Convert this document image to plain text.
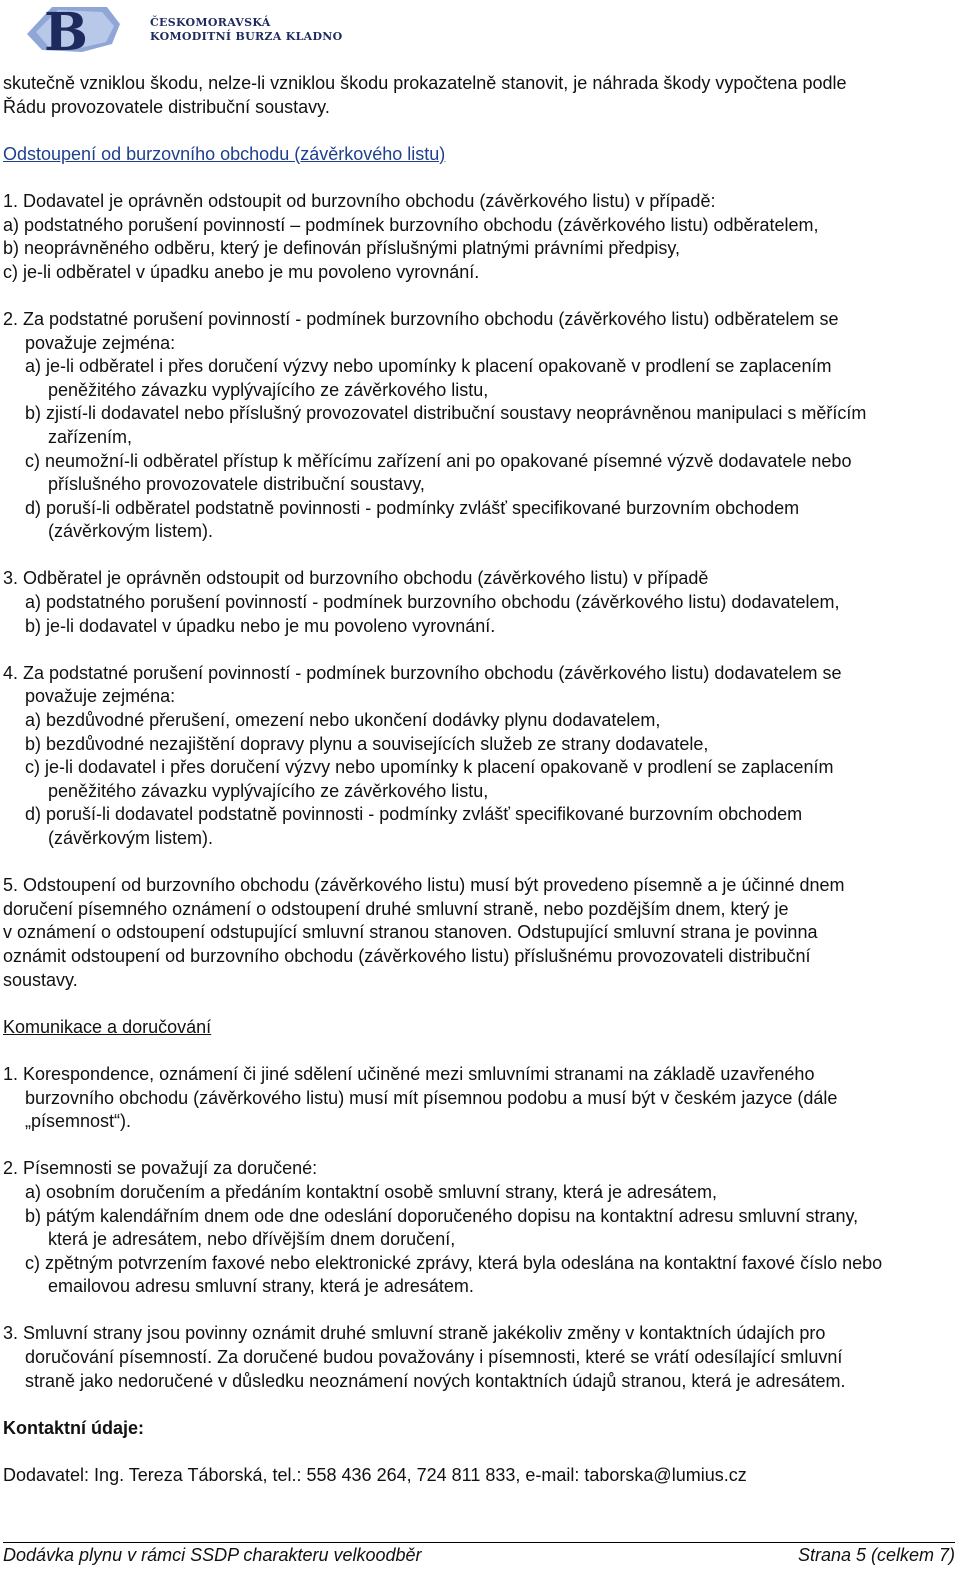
B	ČESKOMORAVSKÁ
KOMODITNÍ BURZA KLADNO

skutečně vzniklou škodu, nelze-li vzniklou škodu prokazatelně stanovit, je náhrada škody vypočtena podle

Řádu provozovatele distribuční soustavy.

Odstoupení od burzovního obchodu (závěrkového listu)

1. Dodavatel je oprávněn odstoupit od burzovního obchodu (závěrkového listu) v případě:

a) podstatného porušení povinností – podmínek burzovního obchodu (závěrkového listu) odběratelem,

b) neoprávněného odběru, který je definován příslušnými platnými právními předpisy,

c) je-li odběratel v úpadku anebo je mu povoleno vyrovnání.

2. Za podstatné porušení povinností - podmínek burzovního obchodu (závěrkového listu) odběratelem se

považuje zejména:

a) je-li odběratel i přes doručení výzvy nebo upomínky k placení opakovaně v prodlení se zaplacením

peněžitého závazku vyplývajícího ze závěrkového listu,

b) zjistí-li dodavatel nebo příslušný provozovatel distribuční soustavy neoprávněnou manipulaci s měřícím

zařízením,

c) neumožní-li odběratel přístup k měřícímu zařízení ani po opakované písemné výzvě dodavatele nebo

příslušného provozovatele distribuční soustavy,

d) poruší-li odběratel podstatně povinnosti - podmínky zvlášť specifikované burzovním obchodem

(závěrkovým listem).

3. Odběratel je oprávněn odstoupit od burzovního obchodu (závěrkového listu) v případě

a) podstatného porušení povinností - podmínek burzovního obchodu (závěrkového listu) dodavatelem,

b) je-li dodavatel v úpadku nebo je mu povoleno vyrovnání.

4. Za podstatné porušení povinností - podmínek burzovního obchodu (závěrkového listu) dodavatelem se

považuje zejména:

a) bezdůvodné přerušení, omezení nebo ukončení dodávky plynu dodavatelem,

b) bezdůvodné nezajištění dopravy plynu a souvisejících služeb ze strany dodavatele,

c) je-li dodavatel i přes doručení výzvy nebo upomínky k placení opakovaně v prodlení se zaplacením

peněžitého závazku vyplývajícího ze závěrkového listu,

d) poruší-li dodavatel podstatně povinnosti - podmínky zvlášť specifikované burzovním obchodem

(závěrkovým listem).

5. Odstoupení od burzovního obchodu (závěrkového listu) musí být provedeno písemně a je účinné dnem

doručení písemného oznámení o odstoupení druhé smluvní straně, nebo pozdějším dnem, který je

v oznámení o odstoupení odstupující smluvní stranou stanoven. Odstupující smluvní strana je povinna

oznámit odstoupení od burzovního obchodu (závěrkového listu) příslušnému provozovateli distribuční

soustavy.

Komunikace a doručování

1. Korespondence, oznámení či jiné sdělení učiněné mezi smluvními stranami na základě uzavřeného

burzovního obchodu (závěrkového listu) musí mít písemnou podobu a musí být v českém jazyce (dále

„písemnost“).

2. Písemnosti se považují za doručené:

a) osobním doručením a předáním kontaktní osobě smluvní strany, která je adresátem,

b) pátým kalendářním dnem ode dne odeslání doporučeného dopisu na kontaktní adresu smluvní strany,

která je adresátem, nebo dřívějším dnem doručení,

c) zpětným potvrzením faxové nebo elektronické zprávy, která byla odeslána na kontaktní faxové číslo nebo

emailovou adresu smluvní strany, která je adresátem.

3. Smluvní strany jsou povinny oznámit druhé smluvní straně jakékoliv změny v kontaktních údajích pro

doručování písemností. Za doručené budou považovány i písemnosti, které se vrátí odesílající smluvní

straně jako nedoručené v důsledku neoznámení nových kontaktních údajů stranou, která je adresátem.

Kontaktní údaje:

Dodavatel: Ing. Tereza Táborská, tel.: 558 436 264, 724 811 833, e-mail: taborska@lumius.cz

Dodávka plynu v rámci SSDP charakteru velkoodběr	Strana 5 (celkem 7)
